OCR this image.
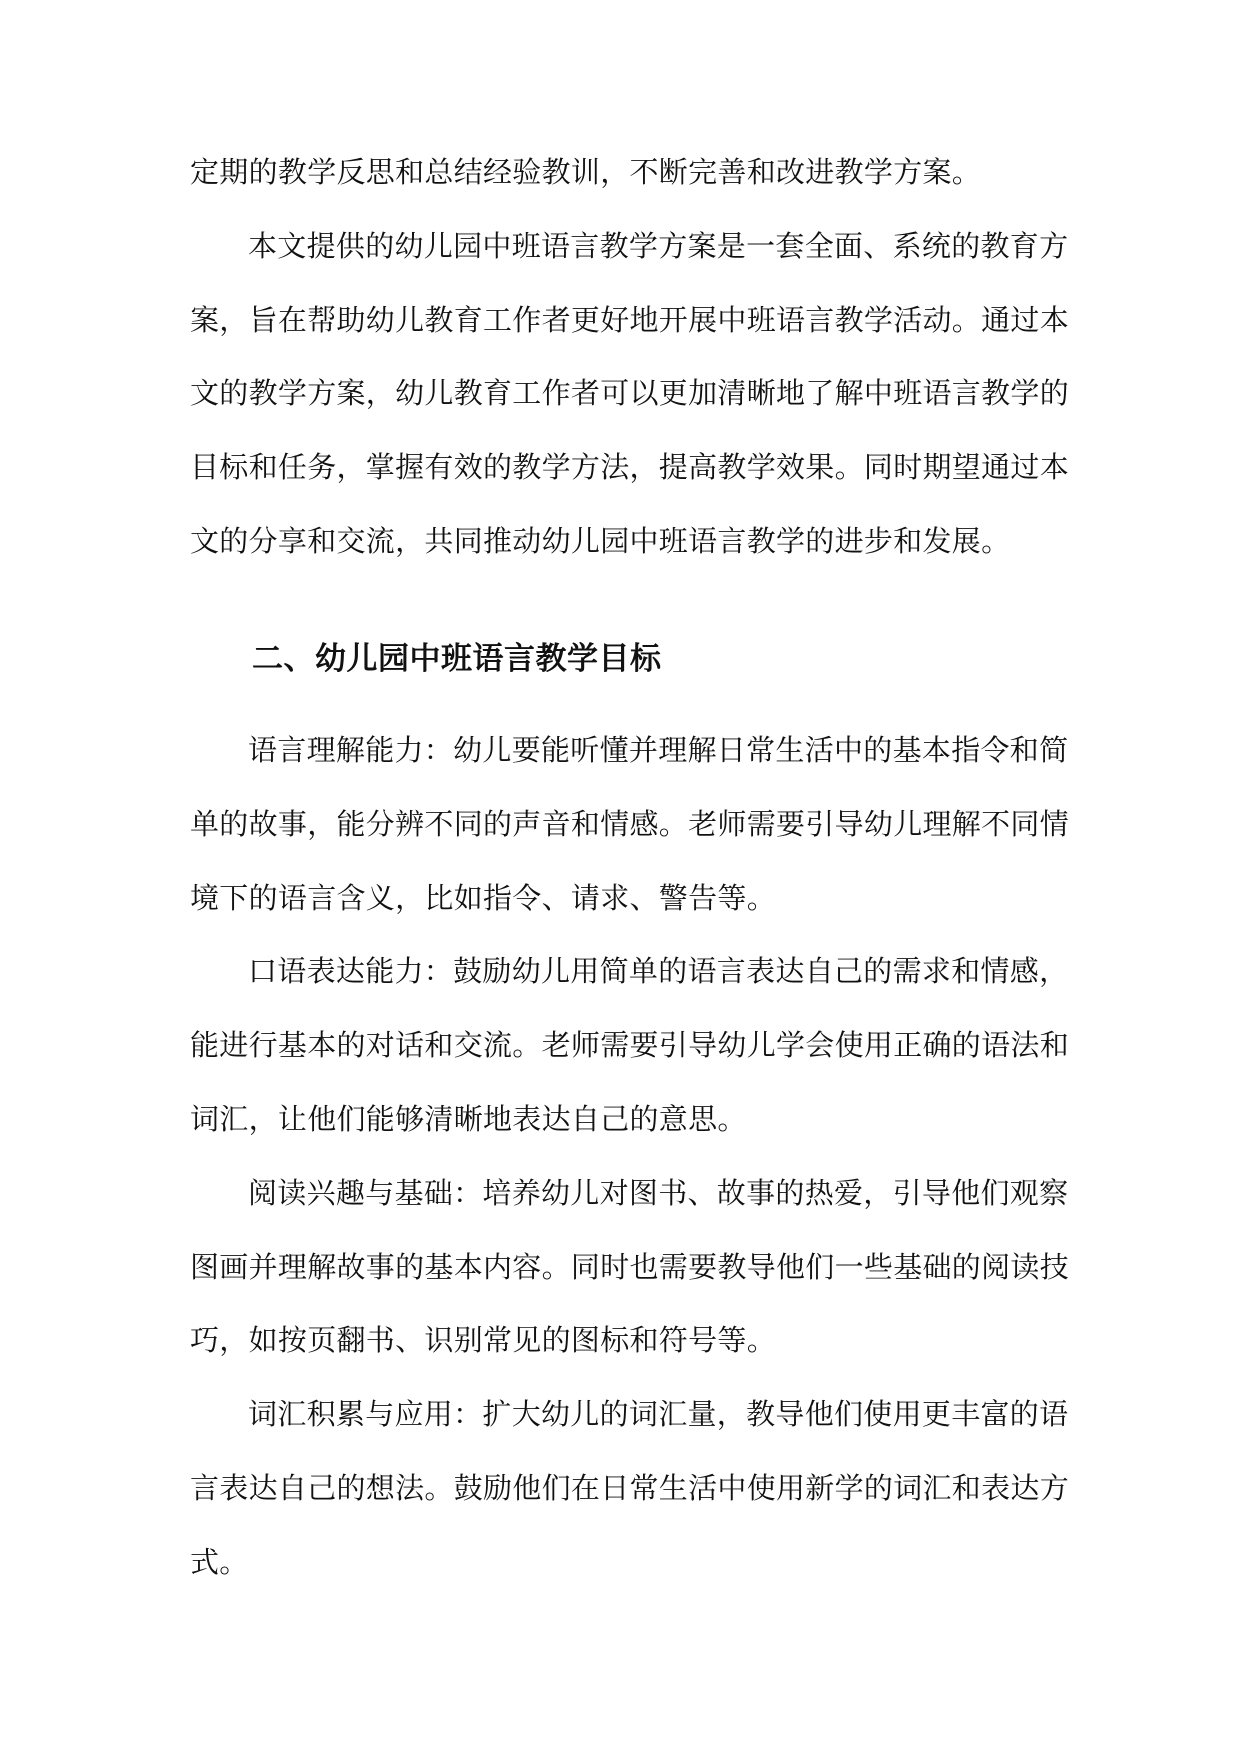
定期的教学反思和总结经验教训，不断完善和改进教学方案。
本文提供的幼儿园中班语言教学方案是一套全面、系统的教育方
案，旨在帮助幼儿教育工作者更好地开展中班语言教学活动。通过本
文的教学方案，幼儿教育工作者可以更加清晰地了解中班语言教学的
目标和任务，掌握有效的教学方法，提高教学效果。同时期望通过本
文的分享和交流，共同推动幼儿园中班语言教学的进步和发展。
二、幼儿园中班语言教学目标
语言理解能力：幼儿要能听懂并理解日常生活中的基本指令和简
单的故事，能分辨不同的声音和情感。老师需要引导幼儿理解不同情
境下的语言含义，比如指令、请求、警告等。
口语表达能力：鼓励幼儿用简单的语言表达自己的需求和情感，
能进行基本的对话和交流。老师需要引导幼儿学会使用正确的语法和
词汇，让他们能够清晰地表达自己的意思。
阅读兴趣与基础：培养幼儿对图书、故事的热爱，引导他们观察
图画并理解故事的基本内容。同时也需要教导他们一些基础的阅读技
巧，如按页翻书、识别常见的图标和符号等。
词汇积累与应用：扩大幼儿的词汇量，教导他们使用更丰富的语
言表达自己的想法。鼓励他们在日常生活中使用新学的词汇和表达方
式。
